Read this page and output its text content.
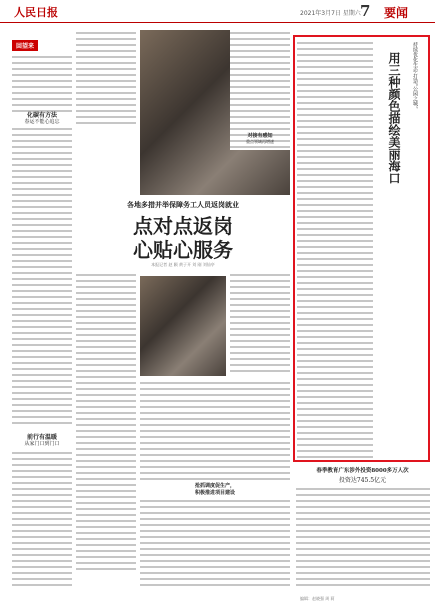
人民日报	2021年3月7日 星期六 7 要闻
回望来
化碳有方法
春运不能心追忘
前行有温暖
从家门口到门口
各地多措并举保障务工人员返岗就业
点对点返岗
心贴心服务
本报记者 赵 颖 黄子开 刘 刚 刘仙亭
抢抓调度促生产，
积极推进项目建设
对接有感知
重点领域再增速
持续优化生态·打造“公园之城”
用三种颜色描绘美丽海口
春季教育广东涉外投资8000多万人次
投资达745.5亿元
编辑：赵晓强 周 莉
